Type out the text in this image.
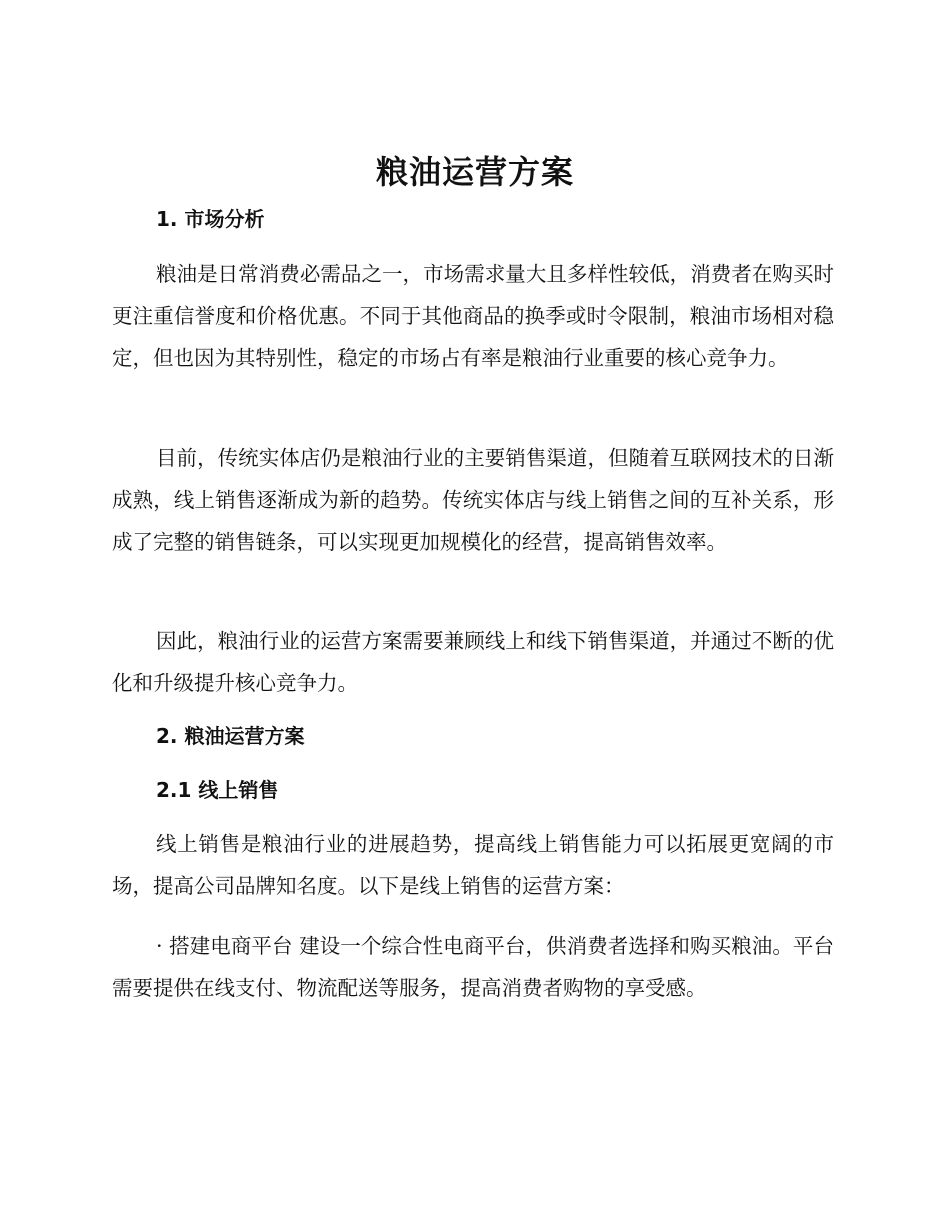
粮油运营方案
1. 市场分析

粮油是日常消费必需品之一，市场需求量大且多样性较低，消费者在购买时更注重信誉度和价格优惠。不同于其他商品的换季或时令限制，粮油市场相对稳定，但也因为其特别性，稳定的市场占有率是粮油行业重要的核心竞争力。

目前，传统实体店仍是粮油行业的主要销售渠道，但随着互联网技术的日渐成熟，线上销售逐渐成为新的趋势。传统实体店与线上销售之间的互补关系，形成了完整的销售链条，可以实现更加规模化的经营，提高销售效率。

因此，粮油行业的运营方案需要兼顾线上和线下销售渠道，并通过不断的优化和升级提升核心竞争力。

2. 粮油运营方案
2.1 线上销售

线上销售是粮油行业的进展趋势，提高线上销售能力可以拓展更宽阔的市场，提高公司品牌知名度。以下是线上销售的运营方案：

· 搭建电商平台 建设一个综合性电商平台，供消费者选择和购买粮油。平台需要提供在线支付、物流配送等服务，提高消费者购物的享受感。
